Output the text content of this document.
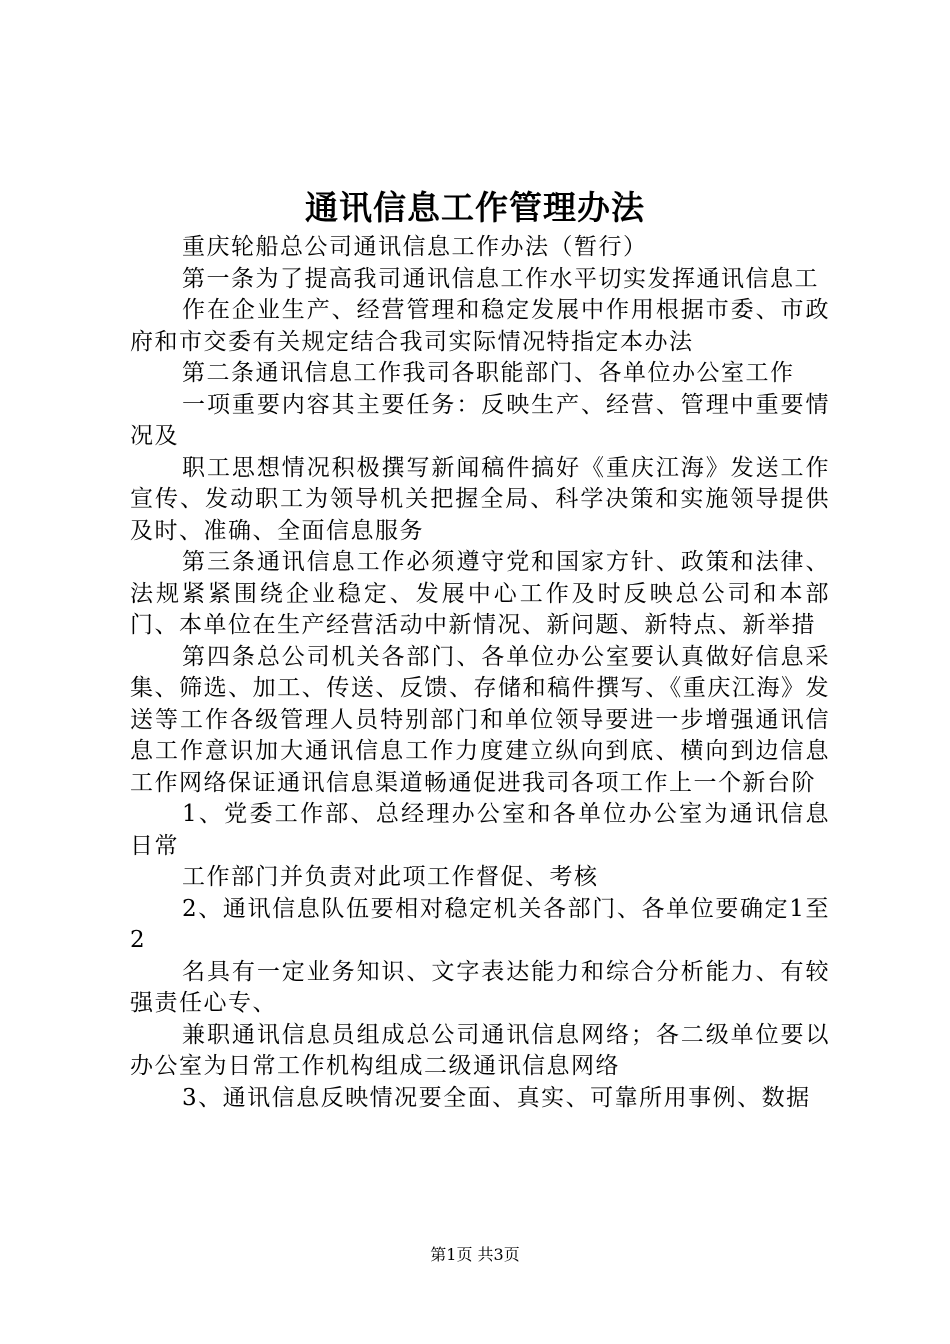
通讯信息工作管理办法

重庆轮船总公司通讯信息工作办法（暂行）

第一条为了提高我司通讯信息工作水平切实发挥通讯信息工

作在企业生产、经营管理和稳定发展中作用根据市委、市政府和市交委有关规定结合我司实际情况特指定本办法

第二条通讯信息工作我司各职能部门、各单位办公室工作

一项重要内容其主要任务：反映生产、经营、管理中重要情况及

职工思想情况积极撰写新闻稿件搞好《重庆江海》发送工作宣传、发动职工为领导机关把握全局、科学决策和实施领导提供及时、准确、全面信息服务

第三条通讯信息工作必须遵守党和国家方针、政策和法律、法规紧紧围绕企业稳定、发展中心工作及时反映总公司和本部门、本单位在生产经营活动中新情况、新问题、新特点、新举措

第四条总公司机关各部门、各单位办公室要认真做好信息采集、筛选、加工、传送、反馈、存储和稿件撰写、《重庆江海》发送等工作各级管理人员特别部门和单位领导要进一步增强通讯信息工作意识加大通讯信息工作力度建立纵向到底、横向到边信息工作网络保证通讯信息渠道畅通促进我司各项工作上一个新台阶

1、党委工作部、总经理办公室和各单位办公室为通讯信息日常

工作部门并负责对此项工作督促、考核

2、通讯信息队伍要相对稳定机关各部门、各单位要确定1至2

名具有一定业务知识、文字表达能力和综合分析能力、有较强责任心专、

兼职通讯信息员组成总公司通讯信息网络；各二级单位要以办公室为日常工作机构组成二级通讯信息网络

3、通讯信息反映情况要全面、真实、可靠所用事例、数据

第1页 共3页
